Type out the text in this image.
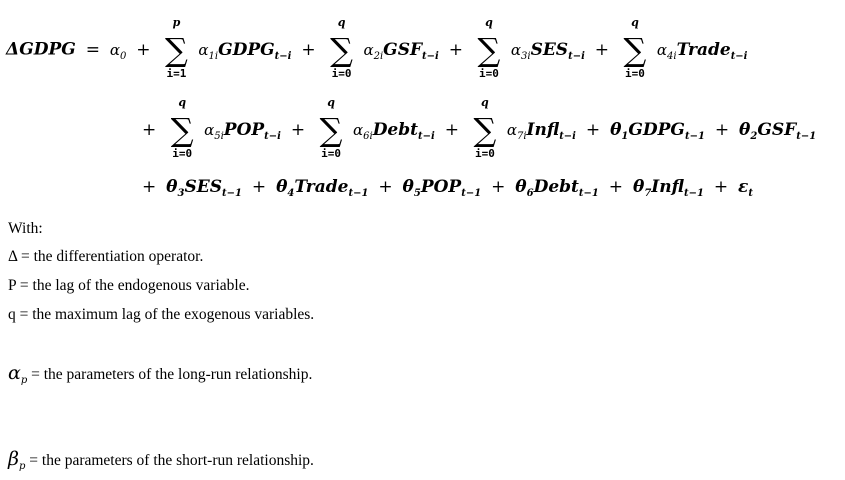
ΔGDPG = $\alpha_0$ +
p
∑
i=1
$\alpha_{1i}GDPG_{t-i}$ +
q
∑
i=0
$\alpha_{2i}GSF_{t-i}$ +
q
∑
i=0
$\alpha_{3i}SES_{t-i}$ +
q
∑
i=0
$\alpha_{4i}Trade_{t-i}$
+
q
∑
i=0
$\alpha_{5i}POP_{t-i}$ +
q
∑
i=0
$\alpha_{6i}Debt_{t-i}$ +
q
∑
i=0
$\alpha_{7i}Infl_{t-i}$ + $\theta_1GDPG_{t-1} + \theta_2GSF_{t-1}$
+ $\theta_3SES_{t-1}$ + $\theta_4Trade_{t-1} + \theta_5POP_{t-1}$ + $\theta_6Debt_{t-1}$ + $\theta_7Infl_{t-1} + \varepsilon_t$
With:
Δ = the differentiation operator.
P = the lag of the endogenous variable.
q = the maximum lag of the exogenous variables.
$\alpha_p$ = the parameters of the long-run relationship.
$\beta_p$ = the parameters of the short-run relationship.
